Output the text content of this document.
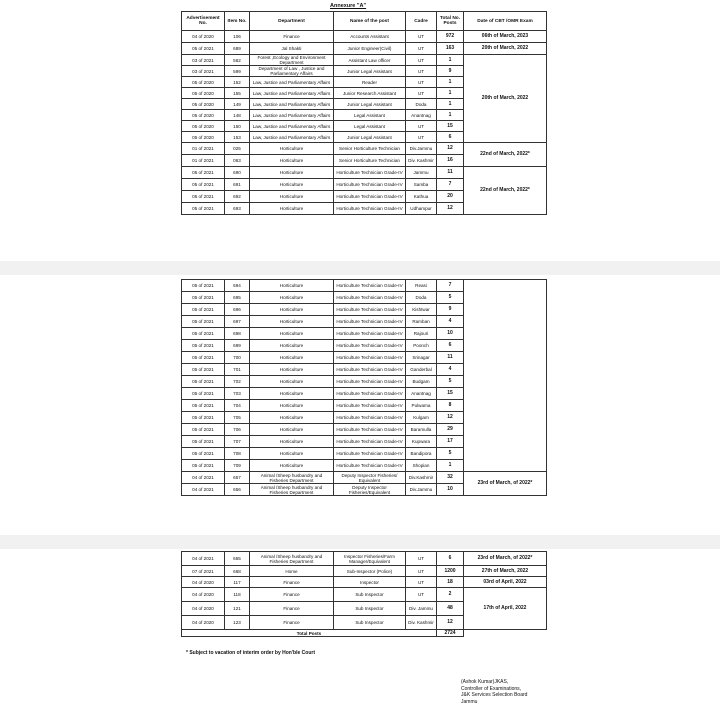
Annexure "A"
Advertisement No.	Item No.	Department	Name of the post	Cadre	Total No. Posts	Date of CBT /OMR Exam
04 of 2020	106	Finance	Accounts Assistant	UT	972	06th of March, 2023
05 of 2021	689	Jal Shakti	Junior Engineer(Civil)	UT	163	20th of March, 2022
03 of 2021	562	Forest ,Ecology and Environment Department	Assistant Law officer	UT	1	20th of March, 2022
03 of 2021	599	Department of Law , Justice and Parliamentary Affairs	Junior Legal Assistant	UT	9	
05 of 2020	152	Law, Justice and Parliamentary Affairs	Reader	UT	1	
05 of 2020	155	Law, Justice and Parliamentary Affairs	Junior Research Assistant	UT	1	
05 of 2020	149	Law, Justice and Parliamentary Affairs	Junior Legal Assistant	Doda	1	
05 of 2020	148	Law, Justice and Parliamentary Affairs	Legal Assistant	Anantnag	1	
05 of 2020	150	Law, Justice and Parliamentary Affairs	Legal Assistant	UT	15	
05 of 2020	153	Law, Justice and Parliamentary Affairs	Junior Legal Assistant	UT	6	
01 of 2021	025	Horticulture	Senior Horticulture Technician	Div.Jammu	12	22nd of March, 2022*
01 of 2021	063	Horticulture	Senior Horticulture Technician	Div. Kashmir	16	
05 of 2021	690	Horticulture	Horticulture Technician Grade-IV	Jammu	11	22nd of March, 2022*
05 of 2021	691	Horticulture	Horticulture Technician Grade-IV	Samba	7	
05 of 2021	692	Horticulture	Horticulture Technician Grade-IV	Kathua	20	
05 of 2021	693	Horticulture	Horticulture Technician Grade-IV	Udhampur	12	
05 of 2021	694	Horticulture	Horticulture Technician Grade-IV	Reasi	7	
05 of 2021	695	Horticulture	Horticulture Technician Grade-IV	Doda	5	
05 of 2021	696	Horticulture	Horticulture Technician Grade-IV	Kishtwar	9	
05 of 2021	697	Horticulture	Horticulture Technician Grade-IV	Ramban	4	
05 of 2021	698	Horticulture	Horticulture Technician Grade-IV	Rajouri	10	
05 of 2021	699	Horticulture	Horticulture Technician Grade-IV	Poonch	6	
05 of 2021	700	Horticulture	Horticulture Technician Grade-IV	Srinagar	11	
05 of 2021	701	Horticulture	Horticulture Technician Grade-IV	Ganderbal	4	
05 of 2021	702	Horticulture	Horticulture Technician Grade-IV	Budgam	5	
05 of 2021	703	Horticulture	Horticulture Technician Grade-IV	Anantnag	15	
05 of 2021	704	Horticulture	Horticulture Technician Grade-IV	Pulwama	8	
05 of 2021	705	Horticulture	Horticulture Technician Grade-IV	Kulgam	12	
05 of 2021	706	Horticulture	Horticulture Technician Grade-IV	Baramulla	29	
05 of 2021	707	Horticulture	Horticulture Technician Grade-IV	Kupwara	17	
05 of 2021	708	Horticulture	Horticulture Technician Grade-IV	Bandipora	5	
05 of 2021	709	Horticulture	Horticulture Technician Grade-IV	Shopian	1	
04 of 2021	657	Animal /Sheep husbandry and Fisheries Department	Deputy Inspector Fisheries/ Equivalent	Div.Kashmir	32	23rd of March, of 2022*
04 of 2021	656	Animal /Sheep husbandry and Fisheries Department	Deputy Inspector Fisheries/Equivalent	Div.Jammu	10	
04 of 2021	655	Animal /Sheep husbandry and Fisheries Department	Inspector Fisheries/Farm Manager/Equivalent	UT	6	23rd of March, of 2022*
07 of 2021	668	Home	Sub-Inspector (Police)	UT	1200	27th of March, 2022
04 of 2020	117	Finance	Inspector	UT	18	03rd of April, 2022
04 of 2020	118	Finance	Sub Inspector	UT	2	17th of April, 2022
04 of 2020	121	Finance	Sub Inspector	Div. Jammu	48	
04 of 2020	123	Finance	Sub Inspector	Div. Kashmir	12	
Total Posts					2724	
* Subject to vacation of interim order by Hon'ble Court
(Ashok Kumar)JKAS,
Controller of Examinations,
J&K Services Selection Board
Jammu
